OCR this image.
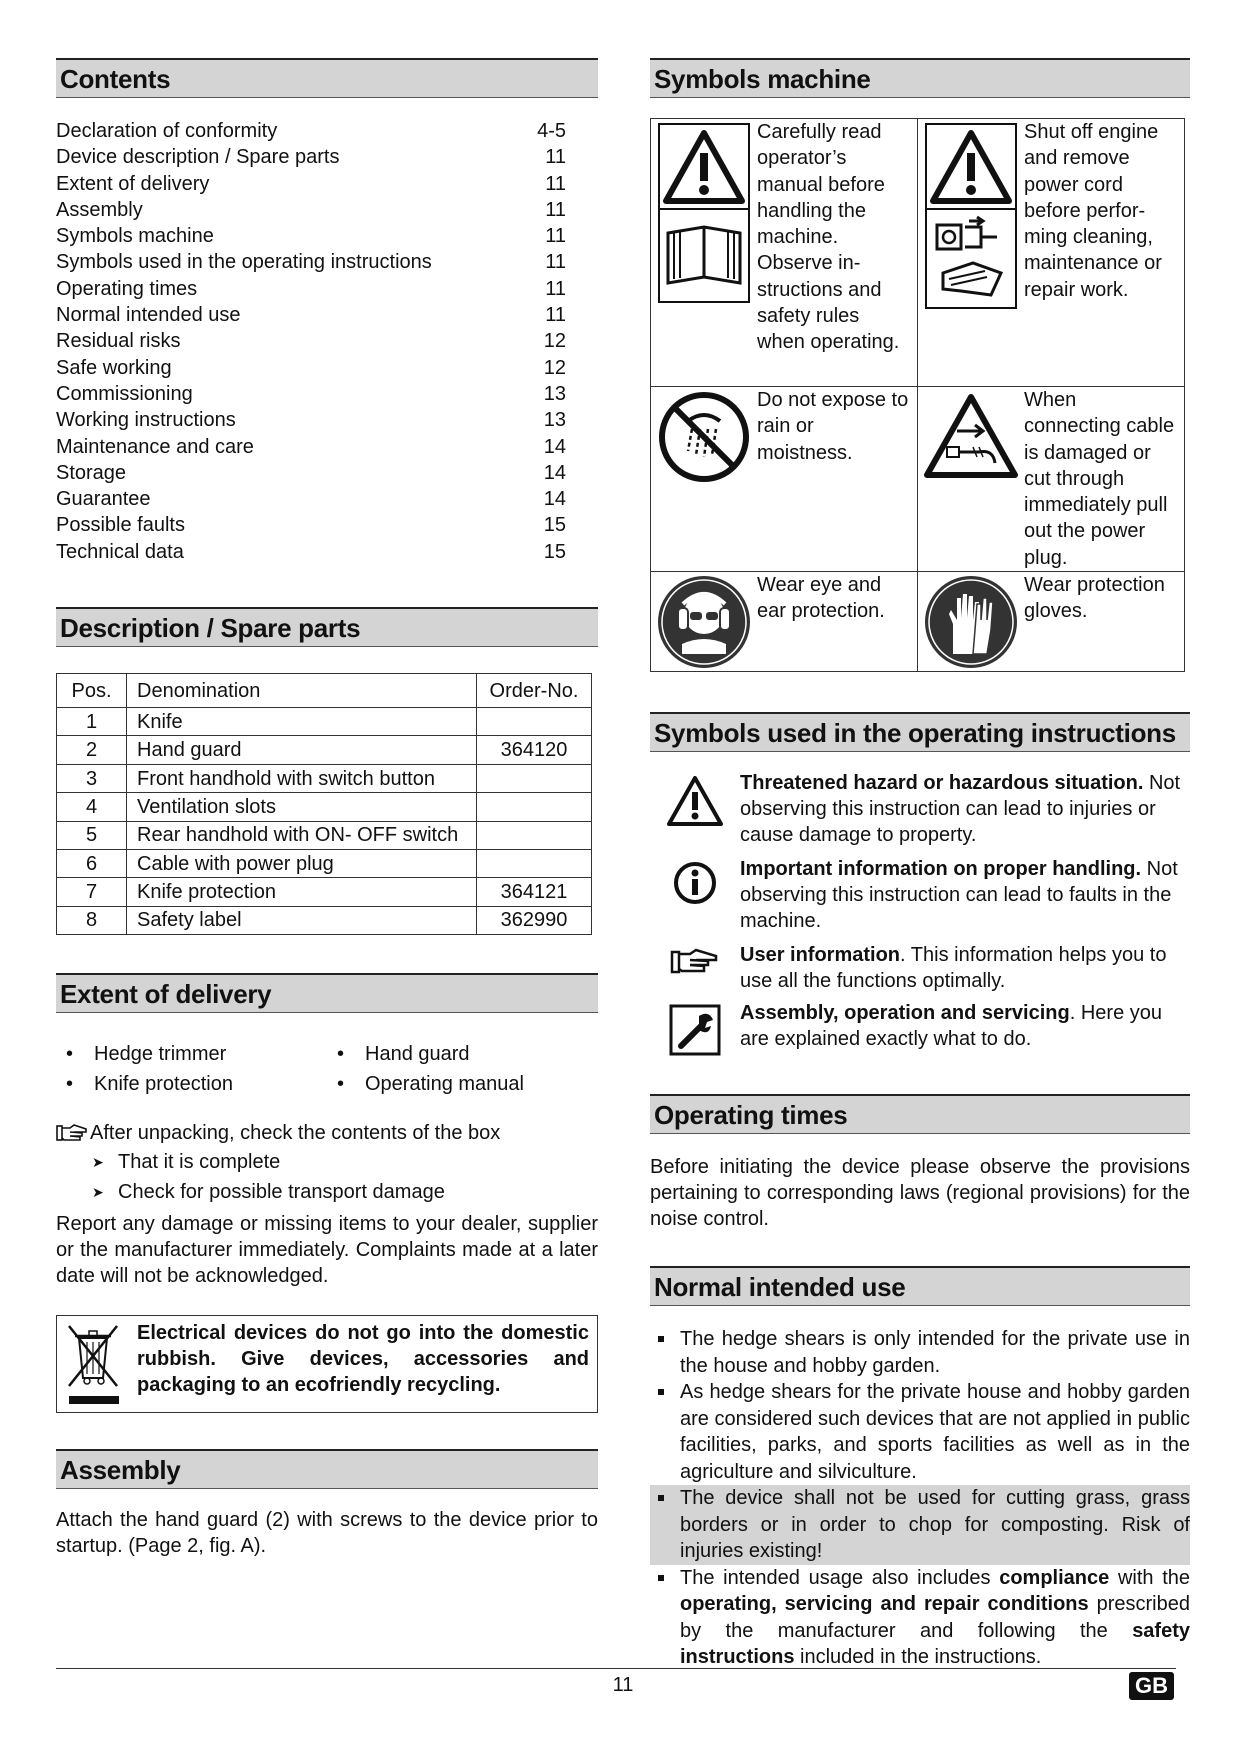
Contents
Declaration of conformity	4-5
Device description / Spare parts	11
Extent of delivery	11
Assembly	11
Symbols machine	11
Symbols used in the operating instructions	11
Operating times	11
Normal intended use	11
Residual risks	12
Safe working	12
Commissioning	13
Working instructions	13
Maintenance and care	14
Storage	14
Guarantee	14
Possible faults	15
Technical data	15
Description / Spare parts
Pos.	Denomination	Order-No.
1	Knife	
2	Hand guard	364120
3	Front handhold with switch button	
4	Ventilation slots	
5	Rear handhold with ON- OFF switch	
6	Cable with power plug	
7	Knife protection	364121
8	Safety label	362990
Extent of delivery
• Hedge trimmer
• Knife protection
• Hand guard
• Operating manual
After unpacking, check the contents of the box
➤ That it is complete
➤ Check for possible transport damage
Report any damage or missing items to your dealer, supplier or the manufacturer immediately. Complaints made at a later date will not be acknowledged.
Electrical devices do not go into the domestic rubbish. Give devices, accessories and packaging to an ecofriendly recycling.
Assembly
Attach the hand guard (2) with screws to the device prior to startup. (Page 2, fig. A).
Symbols machine
Carefully read operator’s manual before handling the machine. Observe in-structions and safety rules when operating.	Shut off engine and remove power cord before perfor-ming cleaning, maintenance or repair work.

Do not expose to rain or moistness.	When connecting cable is damaged or cut through immediately pull out the power plug.

Wear eye and ear protection.	Wear protection gloves.
Symbols used in the operating instructions
Threatened hazard or hazardous situation. Not observing this instruction can lead to injuries or cause damage to property.
Important information on proper handling. Not observing this instruction can lead to faults in the machine.
User information. This information helps you to use all the functions optimally.
Assembly, operation and servicing. Here you are explained exactly what to do.
Operating times
Before initiating the device please observe the provisions pertaining to corresponding laws (regional provisions) for the noise control.
Normal intended use
The hedge shears is only intended for the private use in the house and hobby garden.
As hedge shears for the private house and hobby garden are considered such devices that are not applied in public facilities, parks, and sports facilities as well as in the agriculture and silviculture.
The device shall not be used for cutting grass, grass borders or in order to chop for composting. Risk of injuries existing!
The intended usage also includes compliance with the operating, servicing and repair conditions prescribed by the manufacturer and following the safety instructions included in the instructions.
11	GB
